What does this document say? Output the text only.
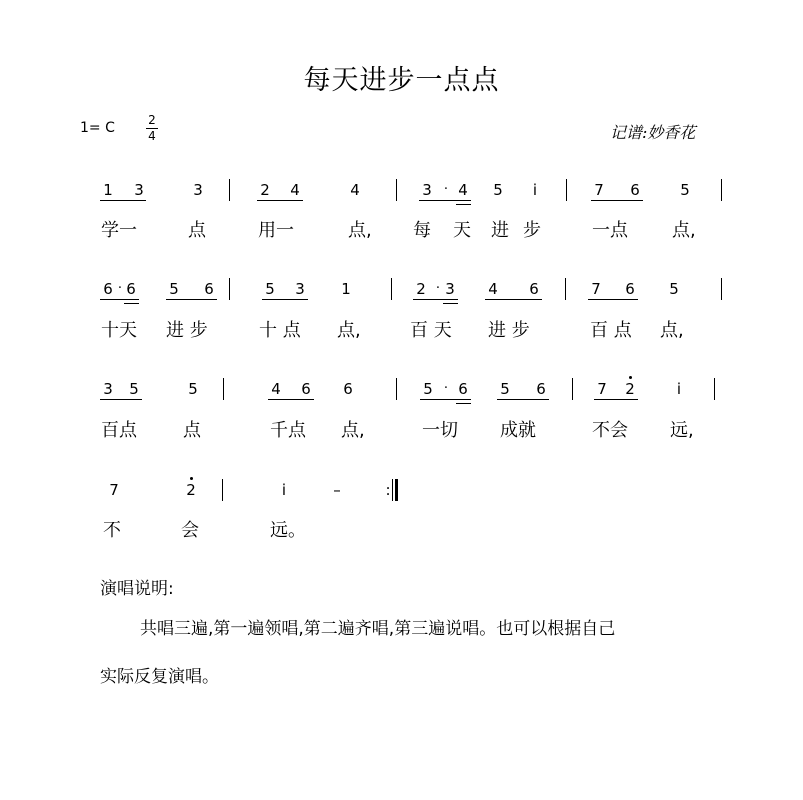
每天进步一点点
1= C	2
4	记谱:妙香花
1 3	3	2 4	4	3 · 4 5	i	7 6	5
学一	点	用一	点, 每 天 进 步	一点 点,
6 · 6 5 6	5 3 1	2 · 3 4 6	7 6 5
十天 进 步	十 点 点,	百 天 进 步	百 点 点,
3 5	5	4 6 6	5 · 6 5 6	7 2	i
百点	点	千点 点,	一切 成就	不会 远,
7	2	i	–	:
不	会	远。
演唱说明:
共唱三遍,第一遍领唱,第二遍齐唱,第三遍说唱。也可以根据自己
实际反复演唱。
